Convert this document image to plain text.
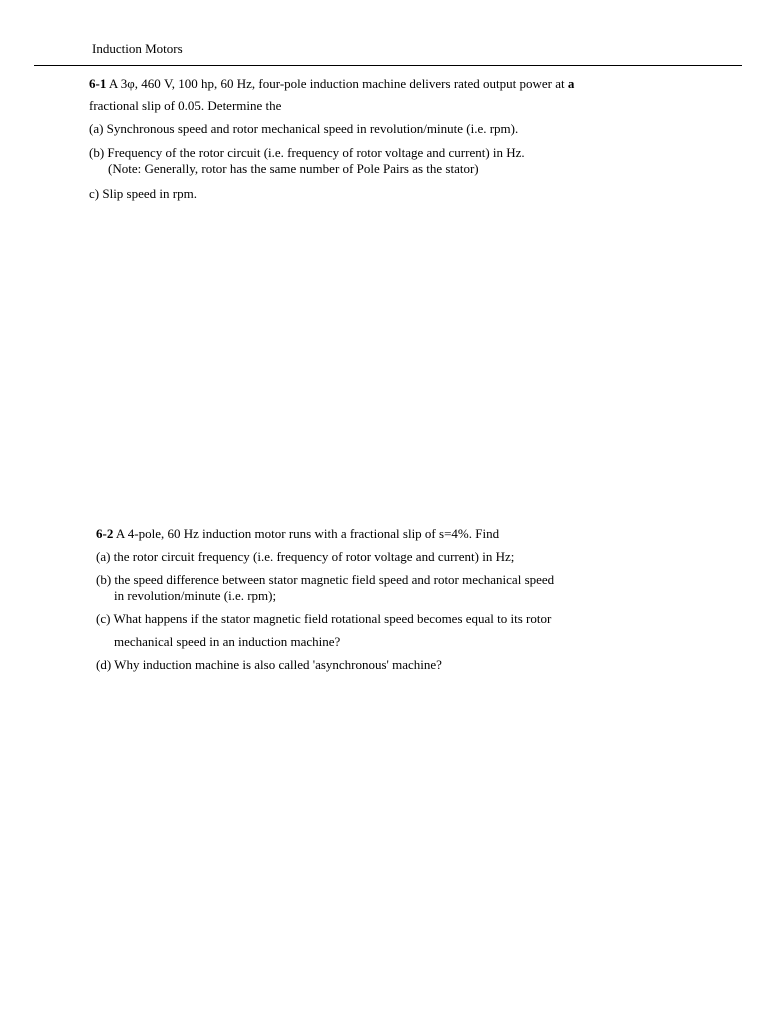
Induction Motors
6-1 A 3φ, 460 V, 100 hp, 60 Hz, four-pole induction machine delivers rated output power at a
fractional slip of 0.05. Determine the
(a) Synchronous speed and rotor mechanical speed in revolution/minute (i.e. rpm).
(b) Frequency of the rotor circuit (i.e. frequency of rotor voltage and current) in Hz.
(Note: Generally, rotor has the same number of Pole Pairs as the stator)
c) Slip speed in rpm.
6-2 A 4-pole, 60 Hz induction motor runs with a fractional slip of s=4%. Find
(a) the rotor circuit frequency (i.e. frequency of rotor voltage and current) in Hz;
(b) the speed difference between stator magnetic field speed and rotor mechanical speed
in revolution/minute (i.e. rpm);
(c) What happens if the stator magnetic field rotational speed becomes equal to its rotor
mechanical speed in an induction machine?
(d) Why induction machine is also called 'asynchronous' machine?
